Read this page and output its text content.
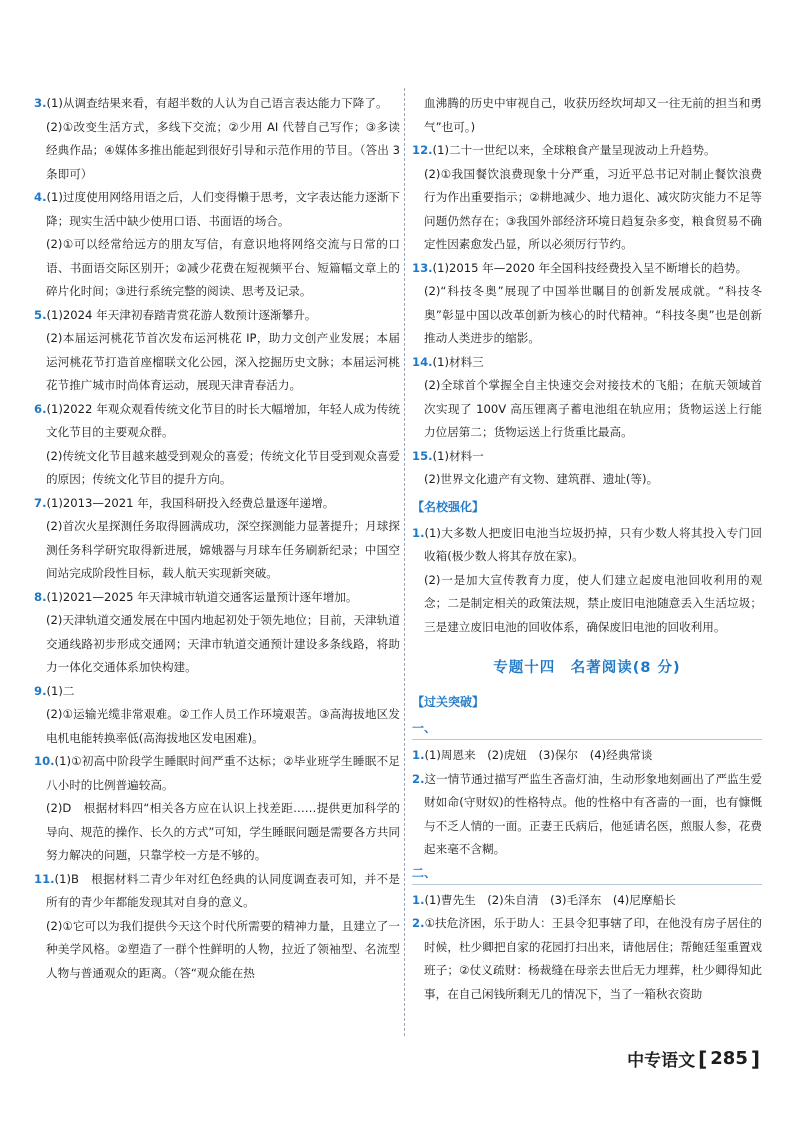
3.(1)从调查结果来看，有超半数的人认为自己语言表达能力下降了。

(2)①改变生活方式，多线下交流；②少用 AI 代替自己写作；③多读经典作品；④媒体多推出能起到很好引导和示范作用的节目。（答出 3 条即可）

4.(1)过度使用网络用语之后，人们变得懒于思考，文字表达能力逐渐下降；现实生活中缺少使用口语、书面语的场合。

(2)①可以经常给远方的朋友写信，有意识地将网络交流与日常的口语、书面语交际区别开；②减少花费在短视频平台、短篇幅文章上的碎片化时间；③进行系统完整的阅读、思考及记录。

5.(1)2024 年天津初春踏青赏花游人数预计逐渐攀升。

(2)本届运河桃花节首次发布运河桃花 IP，助力文创产业发展；本届运河桃花节打造首座榴联文化公园，深入挖掘历史文脉；本届运河桃花节推广城市时尚体育运动，展现天津青春活力。

6.(1)2022 年观众观看传统文化节目的时长大幅增加，年轻人成为传统文化节目的主要观众群。

(2)传统文化节目越来越受到观众的喜爱；传统文化节目受到观众喜爱的原因；传统文化节目的提升方向。

7.(1)2013—2021 年，我国科研投入经费总量逐年递增。

(2)首次火星探测任务取得圆满成功，深空探测能力显著提升；月球探测任务科学研究取得新进展，嫦娥器与月球车任务刷新纪录；中国空间站完成阶段性目标，载人航天实现新突破。

8.(1)2021—2025 年天津城市轨道交通客运量预计逐年增加。

(2)天津轨道交通发展在中国内地起初处于领先地位；目前，天津轨道交通线路初步形成交通网；天津市轨道交通预计建设多条线路，将助力一体化交通体系加快构建。

9.(1)二

(2)①运输光缆非常艰难。②工作人员工作环境艰苦。③高海拔地区发电机电能转换率低(高海拔地区发电困难)。

10.(1)①初高中阶段学生睡眠时间严重不达标；②毕业班学生睡眠不足八小时的比例普遍较高。

(2)D　根据材料四“相关各方应在认识上找差距……提供更加科学的导向、规范的操作、长久的方式”可知，学生睡眠问题是需要各方共同努力解决的问题，只靠学校一方是不够的。

11.(1)B　根据材料二青少年对红色经典的认同度调查表可知，并不是所有的青少年都能发现其对自身的意义。

(2)①它可以为我们提供今天这个时代所需要的精神力量，且建立了一种美学风格。②塑造了一群个性鲜明的人物，拉近了领袖型、名流型人物与普通观众的距离。（答“观众能在热

血沸腾的历史中审视自己，收获历经坎坷却又一往无前的担当和勇气”也可。)

12.(1)二十一世纪以来，全球粮食产量呈现波动上升趋势。

(2)①我国餐饮浪费现象十分严重，习近平总书记对制止餐饮浪费行为作出重要指示；②耕地减少、地力退化、减灾防灾能力不足等问题仍然存在；③我国外部经济环境日趋复杂多变，粮食贸易不确定性因素愈发凸显，所以必须厉行节约。

13.(1)2015 年—2020 年全国科技经费投入呈不断增长的趋势。

(2)“科技冬奥”展现了中国举世瞩目的创新发展成就。“科技冬奥”彰显中国以改革创新为核心的时代精神。“科技冬奥”也是创新推动人类进步的缩影。

14.(1)材料三

(2)全球首个掌握全自主快速交会对接技术的飞船；在航天领域首次实现了 100V 高压锂离子蓄电池组在轨应用；货物运送上行能力位居第二；货物运送上行货重比最高。

15.(1)材料一

(2)世界文化遗产有文物、建筑群、遗址(等)。

【名校强化】

1.(1)大多数人把废旧电池当垃圾扔掉，只有少数人将其投入专门回收箱(极少数人将其存放在家)。

(2)一是加大宣传教育力度，使人们建立起废电池回收利用的观念；二是制定相关的政策法规，禁止废旧电池随意丢入生活垃圾；三是建立废旧电池的回收体系，确保废旧电池的回收利用。

专题十四　名著阅读(8 分)
【过关突破】
一、

1.(1)周恩来　(2)虎妞　(3)保尔　(4)经典常谈

2.这一情节通过描写严监生吝啬灯油，生动形象地刻画出了严监生爱财如命(守财奴)的性格特点。他的性格中有吝啬的一面，也有慷慨与不乏人情的一面。正妻王氏病后，他延请名医，煎服人参，花费起来毫不含糊。

二、

1.(1)曹先生　(2)朱自清　(3)毛泽东　(4)尼摩船长

2.①扶危济困，乐于助人：王县令犯事辖了印，在他没有房子居住的时候，杜少卿把自家的花园打扫出来，请他居住；帮鲍廷玺重置戏班子；②仗义疏财：杨裁缝在母亲去世后无力埋葬，杜少卿得知此事，在自己闲钱所剩无几的情况下，当了一箱秋衣资助

中专语文 [ 285 ]
